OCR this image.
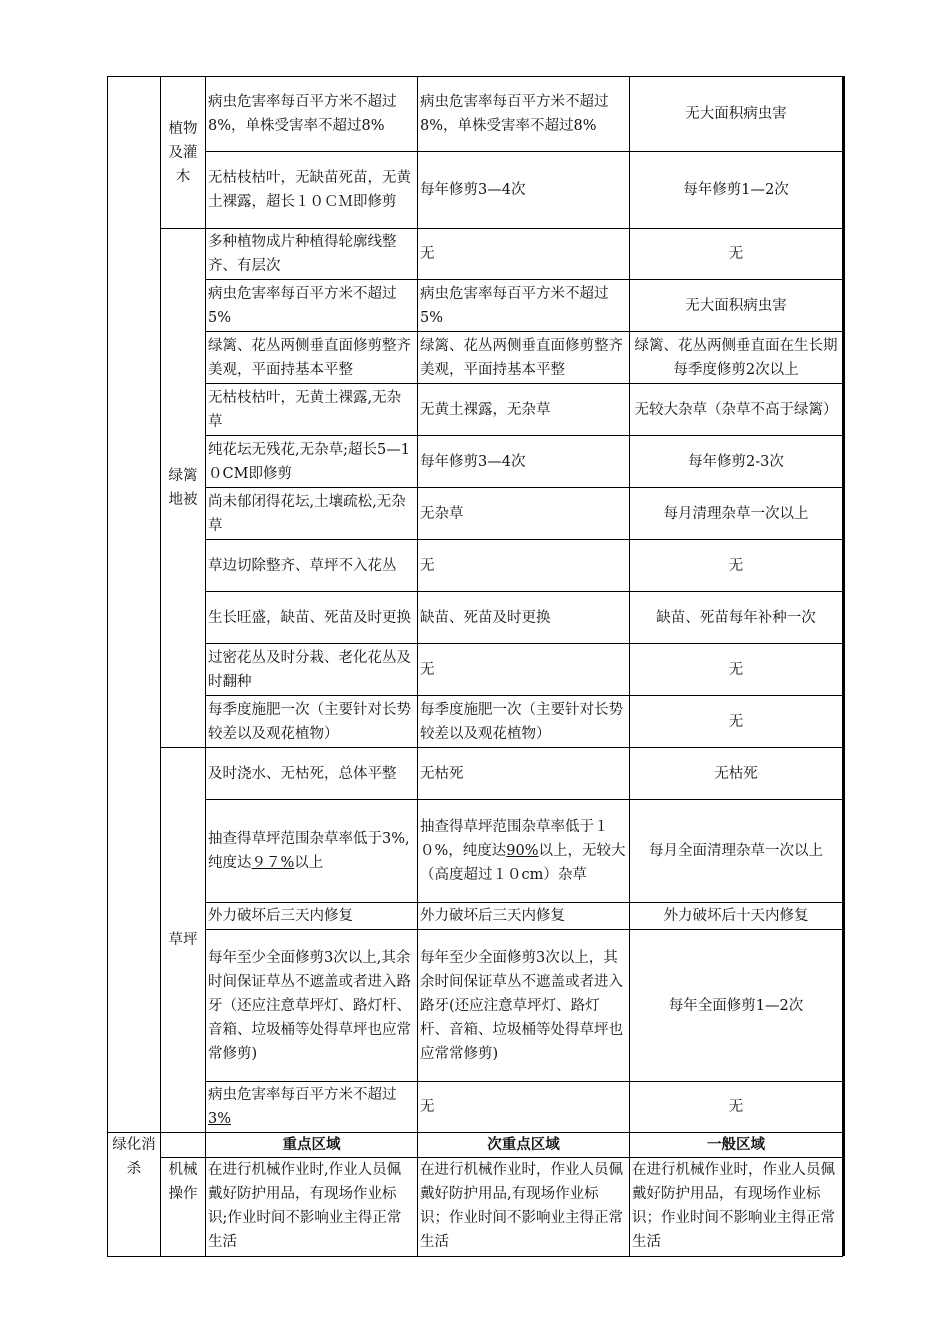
	植物及灌木	病虫危害率每百平方米不超过8%，单株受害率不超过8%	病虫危害率每百平方米不超过8%，单株受害率不超过8%	无大面积病虫害
		无枯枝枯叶，无缺苗死苗，无黄土裸露，超长１０ＣＭ即修剪	每年修剪3—4次	每年修剪1—2次
	绿篱地被	多种植物成片种植得轮廓线整齐、有层次	无	无
		病虫危害率每百平方米不超过5%	病虫危害率每百平方米不超过5%	无大面积病虫害
		绿篱、花丛两侧垂直面修剪整齐美观，平面持基本平整	绿篱、花丛两侧垂直面修剪整齐美观，平面持基本平整	绿篱、花丛两侧垂直面在生长期每季度修剪2次以上
		无枯枝枯叶，无黄土裸露,无杂草	无黄土裸露，无杂草	无较大杂草（杂草不高于绿篱）
		纯花坛无残花,无杂草;超长5—1０CM即修剪	每年修剪3—4次	每年修剪2-3次
		尚未郁闭得花坛,土壤疏松,无杂草	无杂草	每月清理杂草一次以上
		草边切除整齐、草坪不入花丛	无	无
		生长旺盛，缺苗、死苗及时更换	缺苗、死苗及时更换	缺苗、死苗每年补种一次
		过密花丛及时分栽、老化花丛及时翻种	无	无
		每季度施肥一次（主要针对长势较差以及观花植物）	每季度施肥一次（主要针对长势较差以及观花植物）	无
	草坪	及时浇水、无枯死，总体平整	无枯死	无枯死
		抽查得草坪范围杂草率低于3%,纯度达９７%以上	抽查得草坪范围杂草率低于１０%，纯度达90%以上，无较大（高度超过１０cm）杂草	每月全面清理杂草一次以上
		外力破坏后三天内修复	外力破坏后三天内修复	外力破坏后十天内修复
		每年至少全面修剪3次以上,其余时间保证草丛不遮盖或者进入路牙（还应注意草坪灯、路灯杆、音箱、垃圾桶等处得草坪也应常常修剪)	每年至少全面修剪3次以上，其余时间保证草丛不遮盖或者进入路牙(还应注意草坪灯、路灯杆、音箱、垃圾桶等处得草坪也应常常修剪)	每年全面修剪1—2次
		病虫危害率每百平方米不超过3%	无	无
绿化消杀		重点区域	次重点区域	一般区域
	机械操作	在进行机械作业时,作业人员佩戴好防护用品，有现场作业标识;作业时间不影响业主得正常生活	在进行机械作业时，作业人员佩戴好防护用品,有现场作业标识；作业时间不影响业主得正常生活	在进行机械作业时，作业人员佩戴好防护用品，有现场作业标识；作业时间不影响业主得正常生活
